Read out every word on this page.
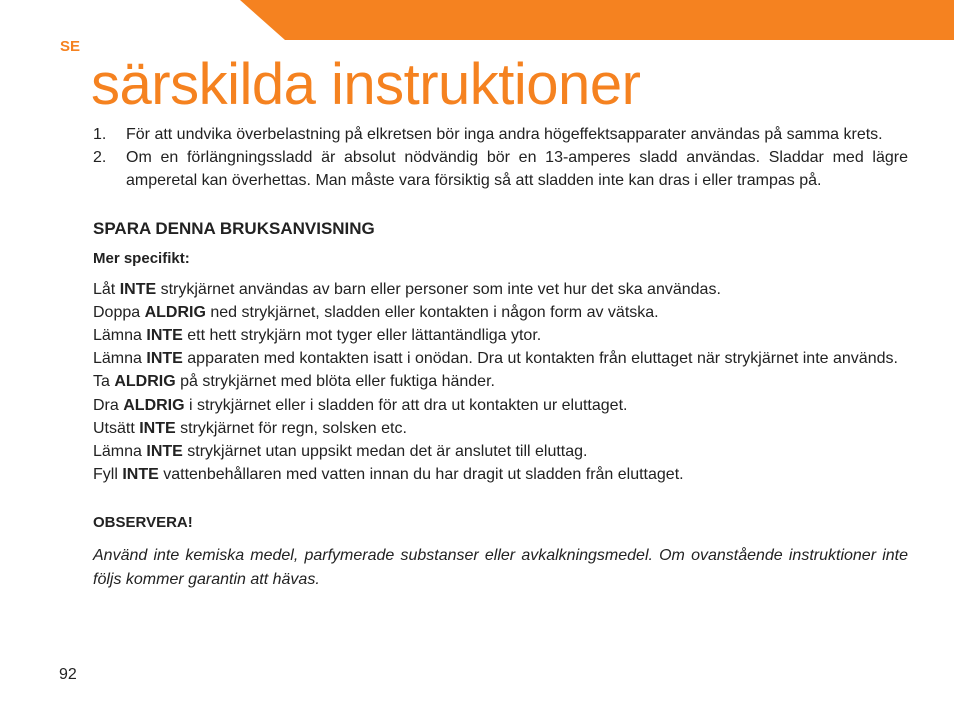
SE
särskilda instruktioner
1. För att undvika överbelastning på elkretsen bör inga andra högeffektsapparater användas på samma krets.
2. Om en förlängningssladd är absolut nödvändig bör en 13-amperes sladd användas. Sladdar med lägre amperetal kan överhettas. Man måste vara försiktig så att sladden inte kan dras i eller trampas på.
SPARA DENNA BRUKSANVISNING
Mer specifikt:
Låt INTE strykjärnet användas av barn eller personer som inte vet hur det ska användas.
Doppa ALDRIG ned strykjärnet, sladden eller kontakten i någon form av vätska.
Lämna INTE ett hett strykjärn mot tyger eller lättantändliga ytor.
Lämna INTE apparaten med kontakten isatt i onödan. Dra ut kontakten från eluttaget när strykjärnet inte används.
Ta ALDRIG på strykjärnet med blöta eller fuktiga händer.
Dra ALDRIG i strykjärnet eller i sladden för att dra ut kontakten ur eluttaget.
Utsätt INTE strykjärnet för regn, solsken etc.
Lämna INTE strykjärnet utan uppsikt medan det är anslutet till eluttag.
Fyll INTE vattenbehållaren med vatten innan du har dragit ut sladden från eluttaget.
OBSERVERA!
Använd inte kemiska medel, parfymerade substanser eller avkalkningsmedel. Om ovanstående instruktioner inte följs kommer garantin att hävas.
92
